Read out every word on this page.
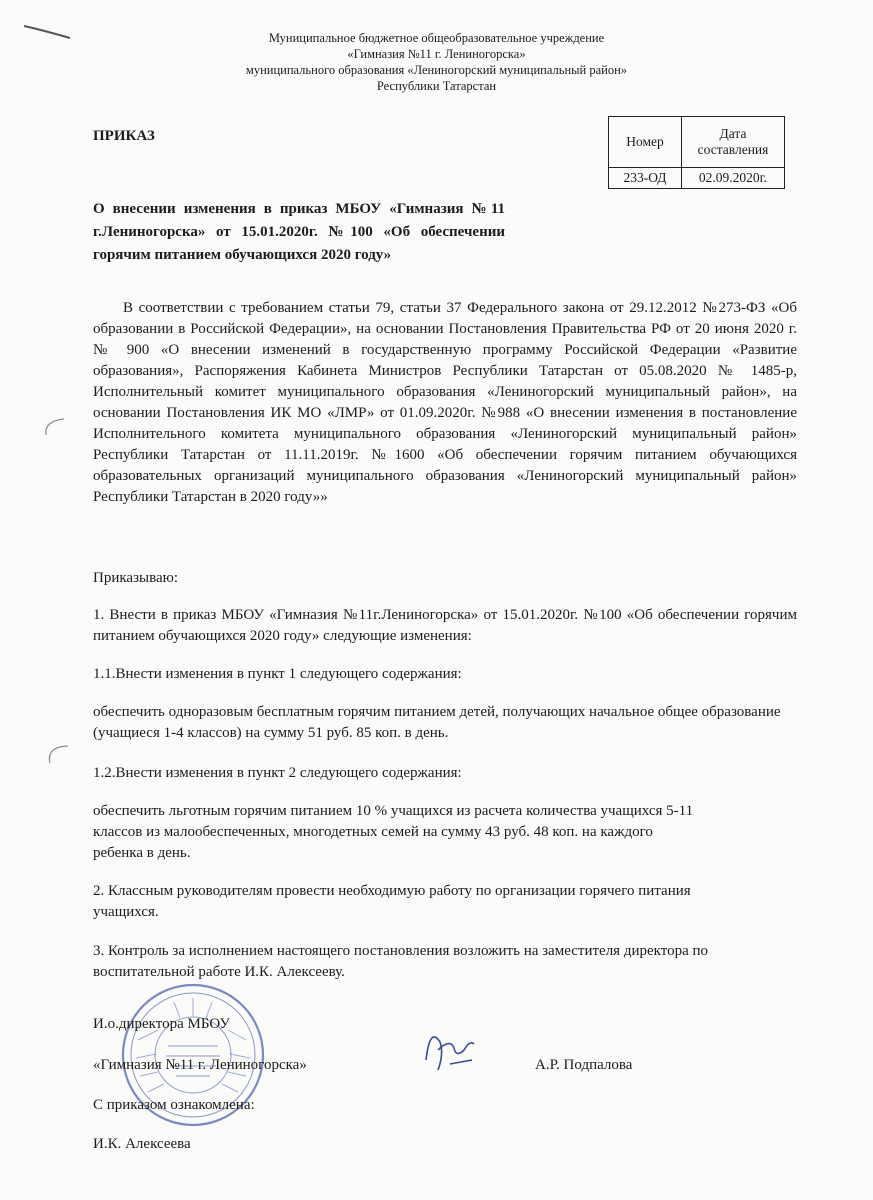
Муниципальное бюджетное общеобразовательное учреждение
«Гимназия №11 г. Лениногорска»
муниципального образования «Лениногорский муниципальный район»
Республики Татарстан
ПРИКАЗ	Номер	Дата составления
233-ОД	02.09.2020г.
О внесении изменения в приказ МБОУ «Гимназия №11 г.Лениногорска» от 15.01.2020г. №100 «Об обеспечении горячим питанием обучающихся 2020 году»
В соответствии с требованием статьи 79, статьи 37 Федерального закона от 29.12.2012 №273-ФЗ «Об образовании в Российской Федерации», на основании Постановления Правительства РФ от 20 июня 2020 г. № 900 «О внесении изменений в государственную программу Российской Федерации «Развитие образования», Распоряжения Кабинета Министров Республики Татарстан от 05.08.2020 № 1485-р, Исполнительный комитет муниципального образования «Лениногорский муниципальный район», на основании Постановления ИК МО «ЛМР» от 01.09.2020г. №988 «О внесении изменения в постановление Исполнительного комитета муниципального образования «Лениногорский муниципальный район» Республики Татарстан от 11.11.2019г. №1600 «Об обеспечении горячим питанием обучающихся образовательных организаций муниципального образования «Лениногорский муниципальный район» Республики Татарстан в 2020 году»»
Приказываю:
1. Внести в приказ МБОУ «Гимназия №11г.Лениногорска» от 15.01.2020г. №100 «Об обеспечении горячим питанием обучающихся 2020 году» следующие изменения:
1.1.Внести изменения в пункт 1 следующего содержания:
обеспечить одноразовым бесплатным горячим питанием детей, получающих начальное общее образование (учащиеся 1-4 классов) на сумму 51 руб. 85 коп. в день.
1.2.Внести изменения в пункт 2 следующего содержания:
обеспечить льготным горячим питанием 10 % учащихся из расчета количества учащихся 5-11
классов из малообеспеченных, многодетных семей на сумму 43 руб. 48 коп. на каждого
ребенка в день.
2. Классным руководителям провести необходимую работу по организации горячего питания
учащихся.
3. Контроль за исполнением настоящего постановления возложить на заместителя директора по воспитательной работе И.К. Алексееву.
И.о.директора МБОУ
«Гимназия №11 г. Лениногорска»	А.Р. Подпалова
С приказом ознакомлена:
И.К. Алексеева
